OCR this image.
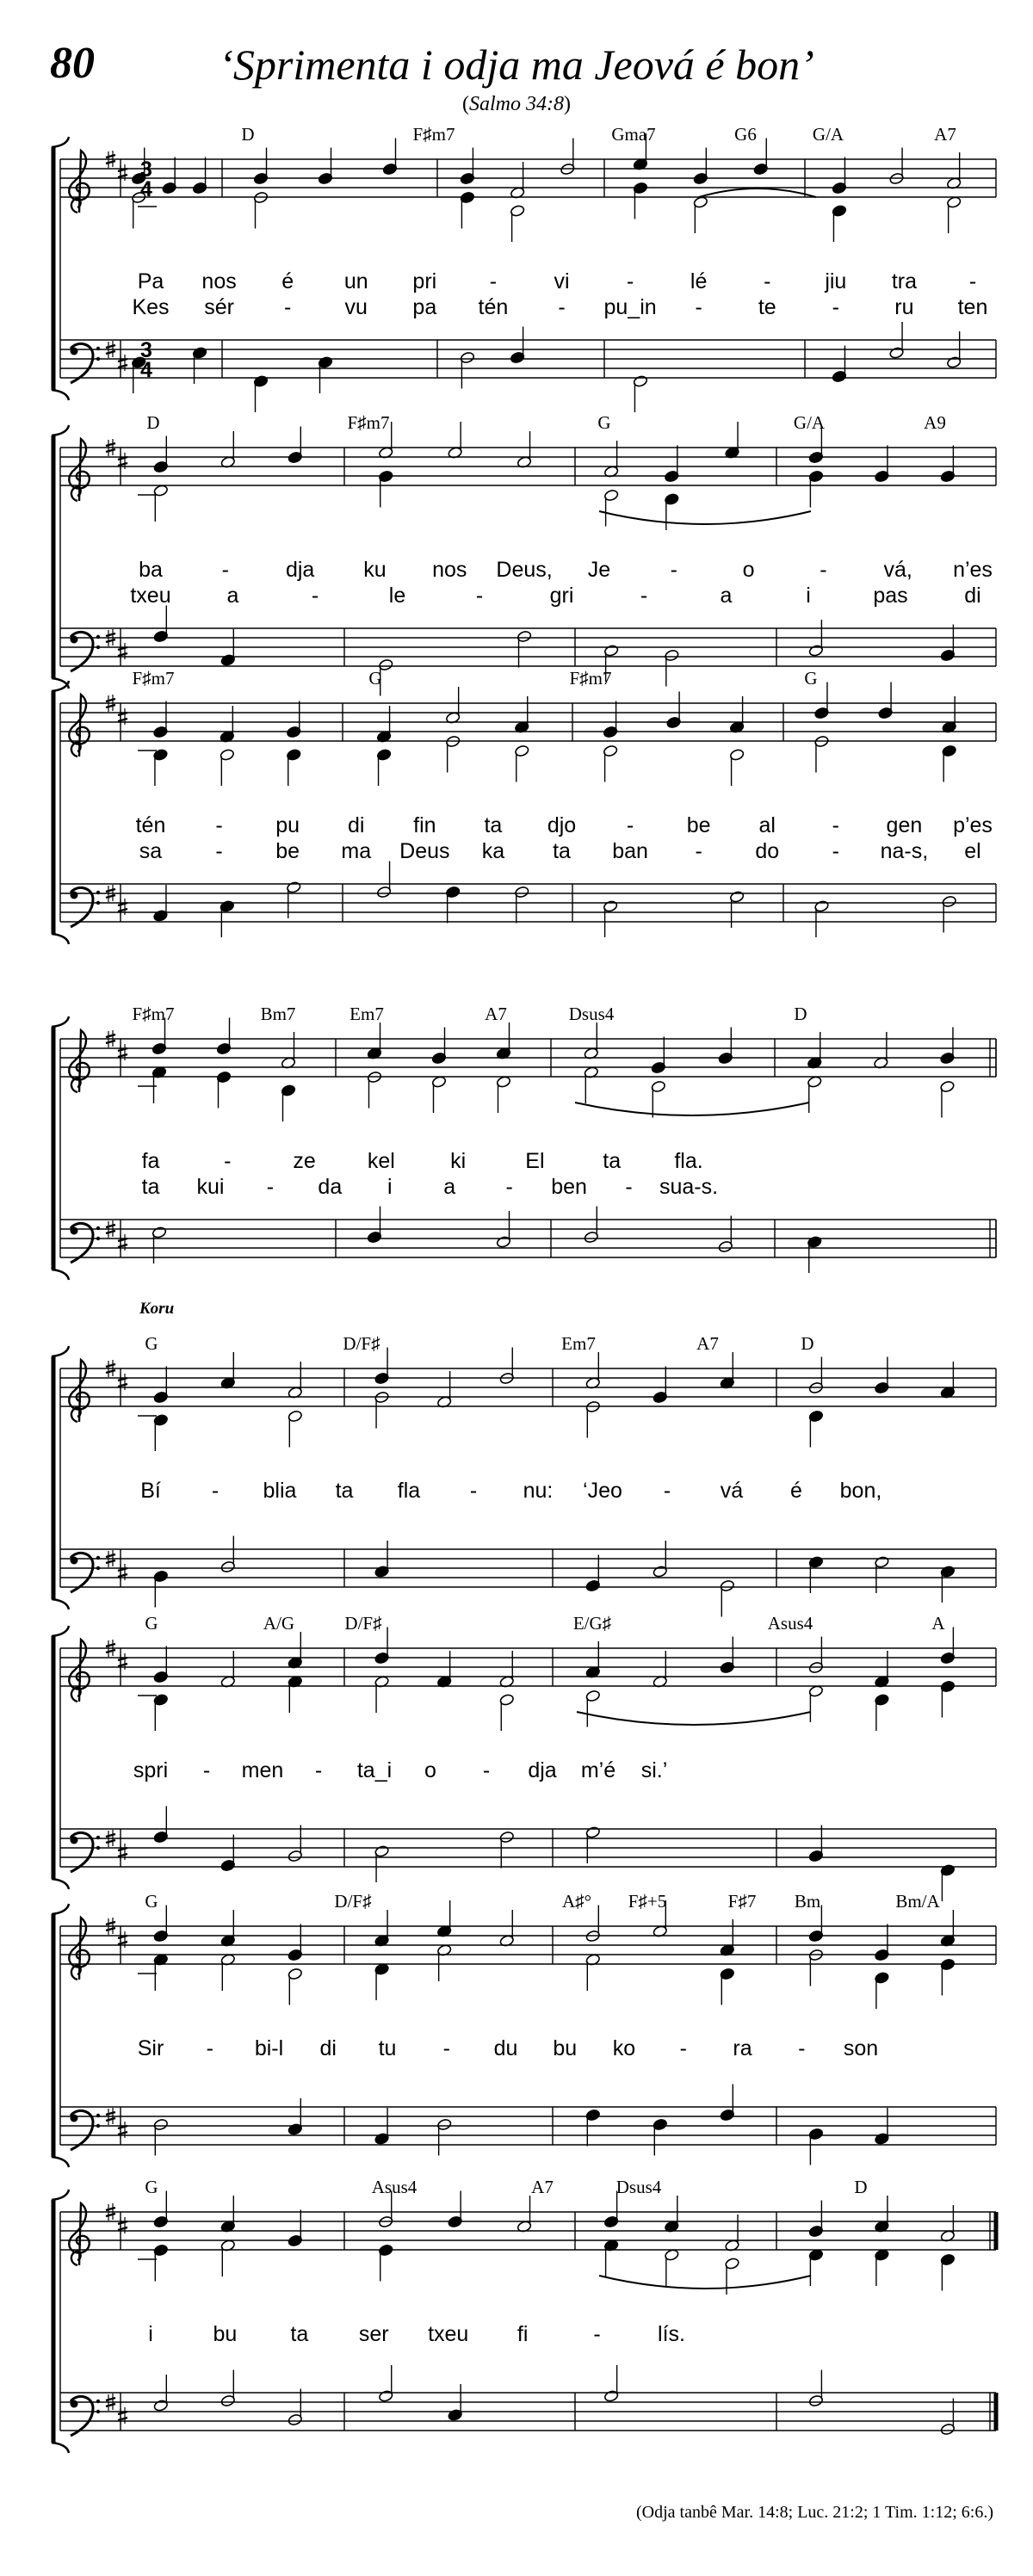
80	‘Sprimenta i odja ma Jeová é bon’
(Salmo 34:8)
3
4
3
4
D	F♯m7	Gma7	G6	G/A	A7
Pa nos é un pri -	vi	-	lé	-	jiu tra -
Kes sér - vu pa tén - pu_in -	te	-	ru ten
D	F♯m7	G	G/A	A9
ba	-	dja ku nos Deus, Je	-	o	-	vá, n’es
txeu	a	-	le	-	gri	-	a	i	pas	di
F♯m7	G	F♯m7	G
tén - pu di fin ta djo - be al	- gen p’es
sa - be ma Deus ka ta ban - do - na-s, el
F♯m7	Bm7	Em7	A7	Dsus4	D
fa	-	ze kel	ki	El	ta fla.
ta kui - da i a - ben - sua-s.
Koru
G	D/F♯	Em7	A7	D
Bí - blia ta fla - nu: ‘Jeo - vá é bon,
G	A/G	D/F♯	E/G♯	Asus4	A
spri - men - ta_i o - dja m’é si.’
G	D/F♯	A♯° F♯+5	F♯7 Bm	Bm/A
Sir - bi-l di tu - du bu ko - ra - son
G	Asus4	A7	Dsus4	D
i	bu ta ser txeu fi	-	lís.
(Odja tanbê Mar. 14:8; Luc. 21:2; 1 Tim. 1:12; 6:6.)
